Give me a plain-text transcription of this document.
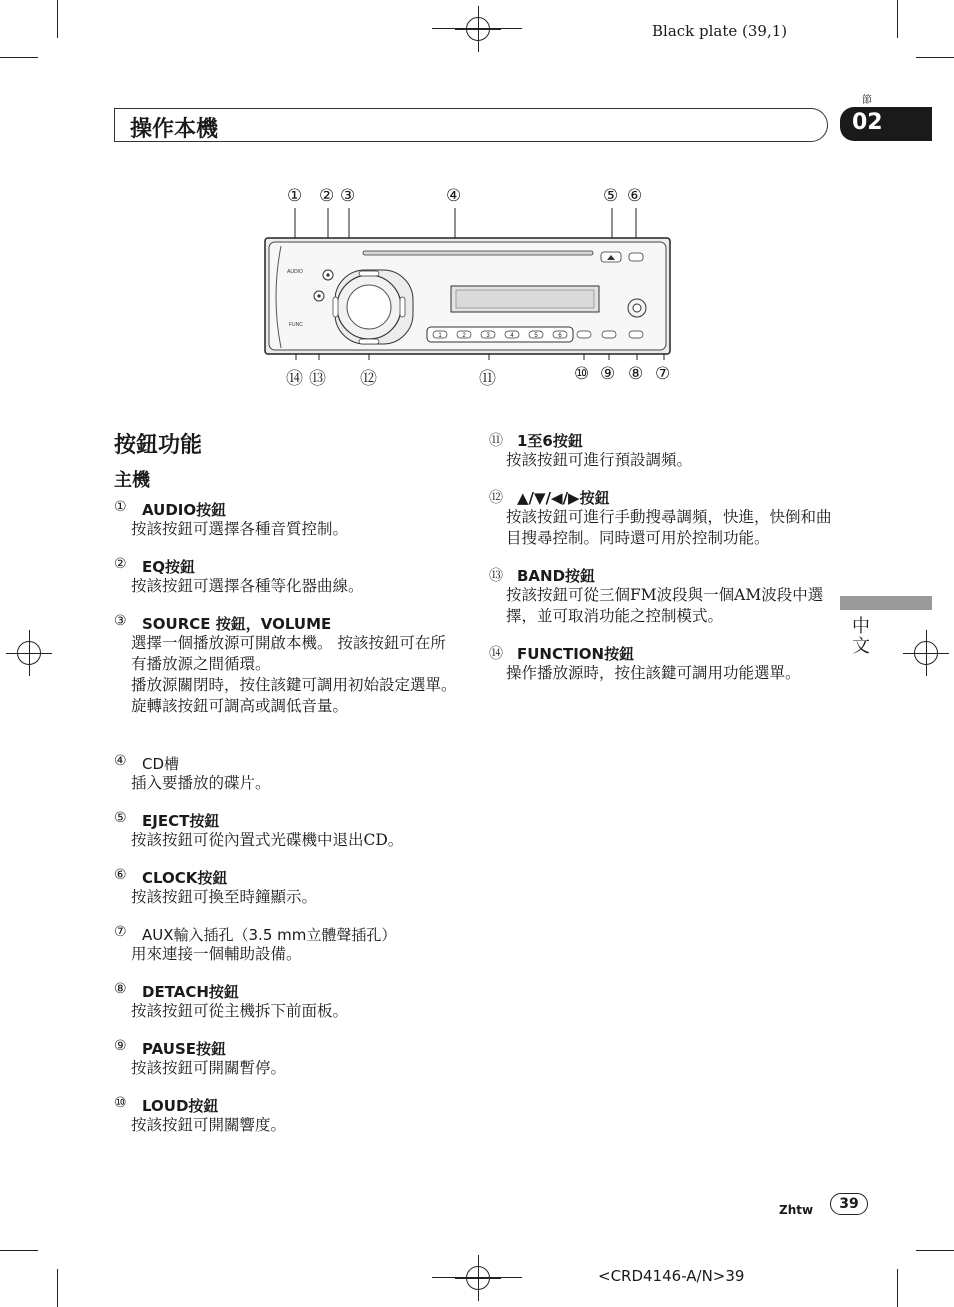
Black plate (39,1)
操作本機
節
02
中文
AUDIO
FUNC
1	2	3	4	5	6
① ② ③	④	⑤ ⑥
⑭ ⑬ ⑫	⑪	⑩ ⑨ ⑧ ⑦
按鈕功能
主機
① AUDIO按鈕
按該按鈕可選擇各種音質控制。
② EQ按鈕
按該按鈕可選擇各種等化器曲線。
③ SOURCE 按鈕，VOLUME
選擇一個播放源可開啟本機。 按該按鈕可在所有播放源之間循環。
播放源關閉時，按住該鍵可調用初始設定選單。
旋轉該按鈕可調高或調低音量。
④ CD槽
插入要播放的碟片。
⑤ EJECT按鈕
按該按鈕可從內置式光碟機中退出CD。
⑥ CLOCK按鈕
按該按鈕可換至時鐘顯示。
⑦ AUX輸入插孔（3.5 mm立體聲插孔）
用來連接一個輔助設備。
⑧ DETACH按鈕
按該按鈕可從主機拆下前面板。
⑨ PAUSE按鈕
按該按鈕可開關暫停。
⑩ LOUD按鈕
按該按鈕可開關響度。
⑪ 1至6按鈕
按該按鈕可進行預設調頻。
⑫ ▲/▼/◀/▶按鈕
按該按鈕可進行手動搜尋調頻，快進，快倒和曲目搜尋控制。同時還可用於控制功能。
⑬ BAND按鈕
按該按鈕可從三個FM波段與一個AM波段中選擇，並可取消功能之控制模式。
⑭ FUNCTION按鈕
操作播放源時，按住該鍵可調用功能選單。
Zhtw	39
<CRD4146-A/N>39
